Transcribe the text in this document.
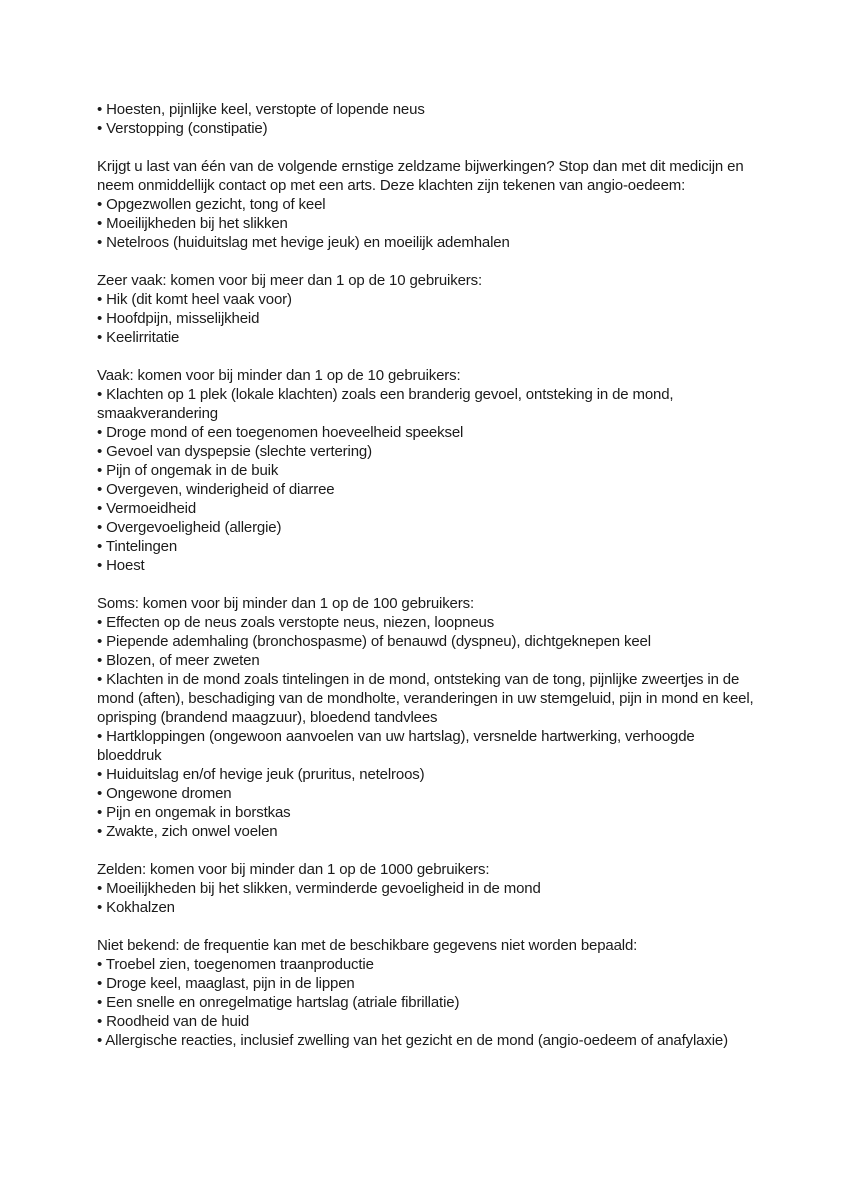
• Hoesten, pijnlijke keel, verstopte of lopende neus

• Verstopping (constipatie)

Krijgt u last van één van de volgende ernstige zeldzame bijwerkingen? Stop dan met dit medicijn en neem onmiddellijk contact op met een arts. Deze klachten zijn tekenen van angio-oedeem:

• Opgezwollen gezicht, tong of keel

• Moeilijkheden bij het slikken

• Netelroos (huiduitslag met hevige jeuk) en moeilijk ademhalen

Zeer vaak: komen voor bij meer dan 1 op de 10 gebruikers:

• Hik (dit komt heel vaak voor)

• Hoofdpijn, misselijkheid

• Keelirritatie

Vaak: komen voor bij minder dan 1 op de 10 gebruikers:

• Klachten op 1 plek (lokale klachten) zoals een branderig gevoel, ontsteking in de mond, smaakverandering

• Droge mond of een toegenomen hoeveelheid speeksel

• Gevoel van dyspepsie (slechte vertering)

• Pijn of ongemak in de buik

• Overgeven, winderigheid of diarree

• Vermoeidheid

• Overgevoeligheid (allergie)

• Tintelingen

• Hoest

Soms: komen voor bij minder dan 1 op de 100 gebruikers:

• Effecten op de neus zoals verstopte neus, niezen, loopneus

• Piepende ademhaling (bronchospasme) of benauwd (dyspneu), dichtgeknepen keel

• Blozen, of meer zweten

• Klachten in de mond zoals tintelingen in de mond, ontsteking van de tong, pijnlijke zweertjes in de mond (aften), beschadiging van de mondholte, veranderingen in uw stemgeluid, pijn in mond en keel, oprisping (brandend maagzuur), bloedend tandvlees

• Hartkloppingen (ongewoon aanvoelen van uw hartslag), versnelde hartwerking, verhoogde bloeddruk

• Huiduitslag en/of hevige jeuk (pruritus, netelroos)

• Ongewone dromen

• Pijn en ongemak in borstkas

• Zwakte, zich onwel voelen

Zelden: komen voor bij minder dan 1 op de 1000 gebruikers:

• Moeilijkheden bij het slikken, verminderde gevoeligheid in de mond

• Kokhalzen

Niet bekend: de frequentie kan met de beschikbare gegevens niet worden bepaald:

• Troebel zien, toegenomen traanproductie

• Droge keel, maaglast, pijn in de lippen

• Een snelle en onregelmatige hartslag (atriale fibrillatie)

• Roodheid van de huid

• Allergische reacties, inclusief zwelling van het gezicht en de mond (angio-oedeem of anafylaxie)
